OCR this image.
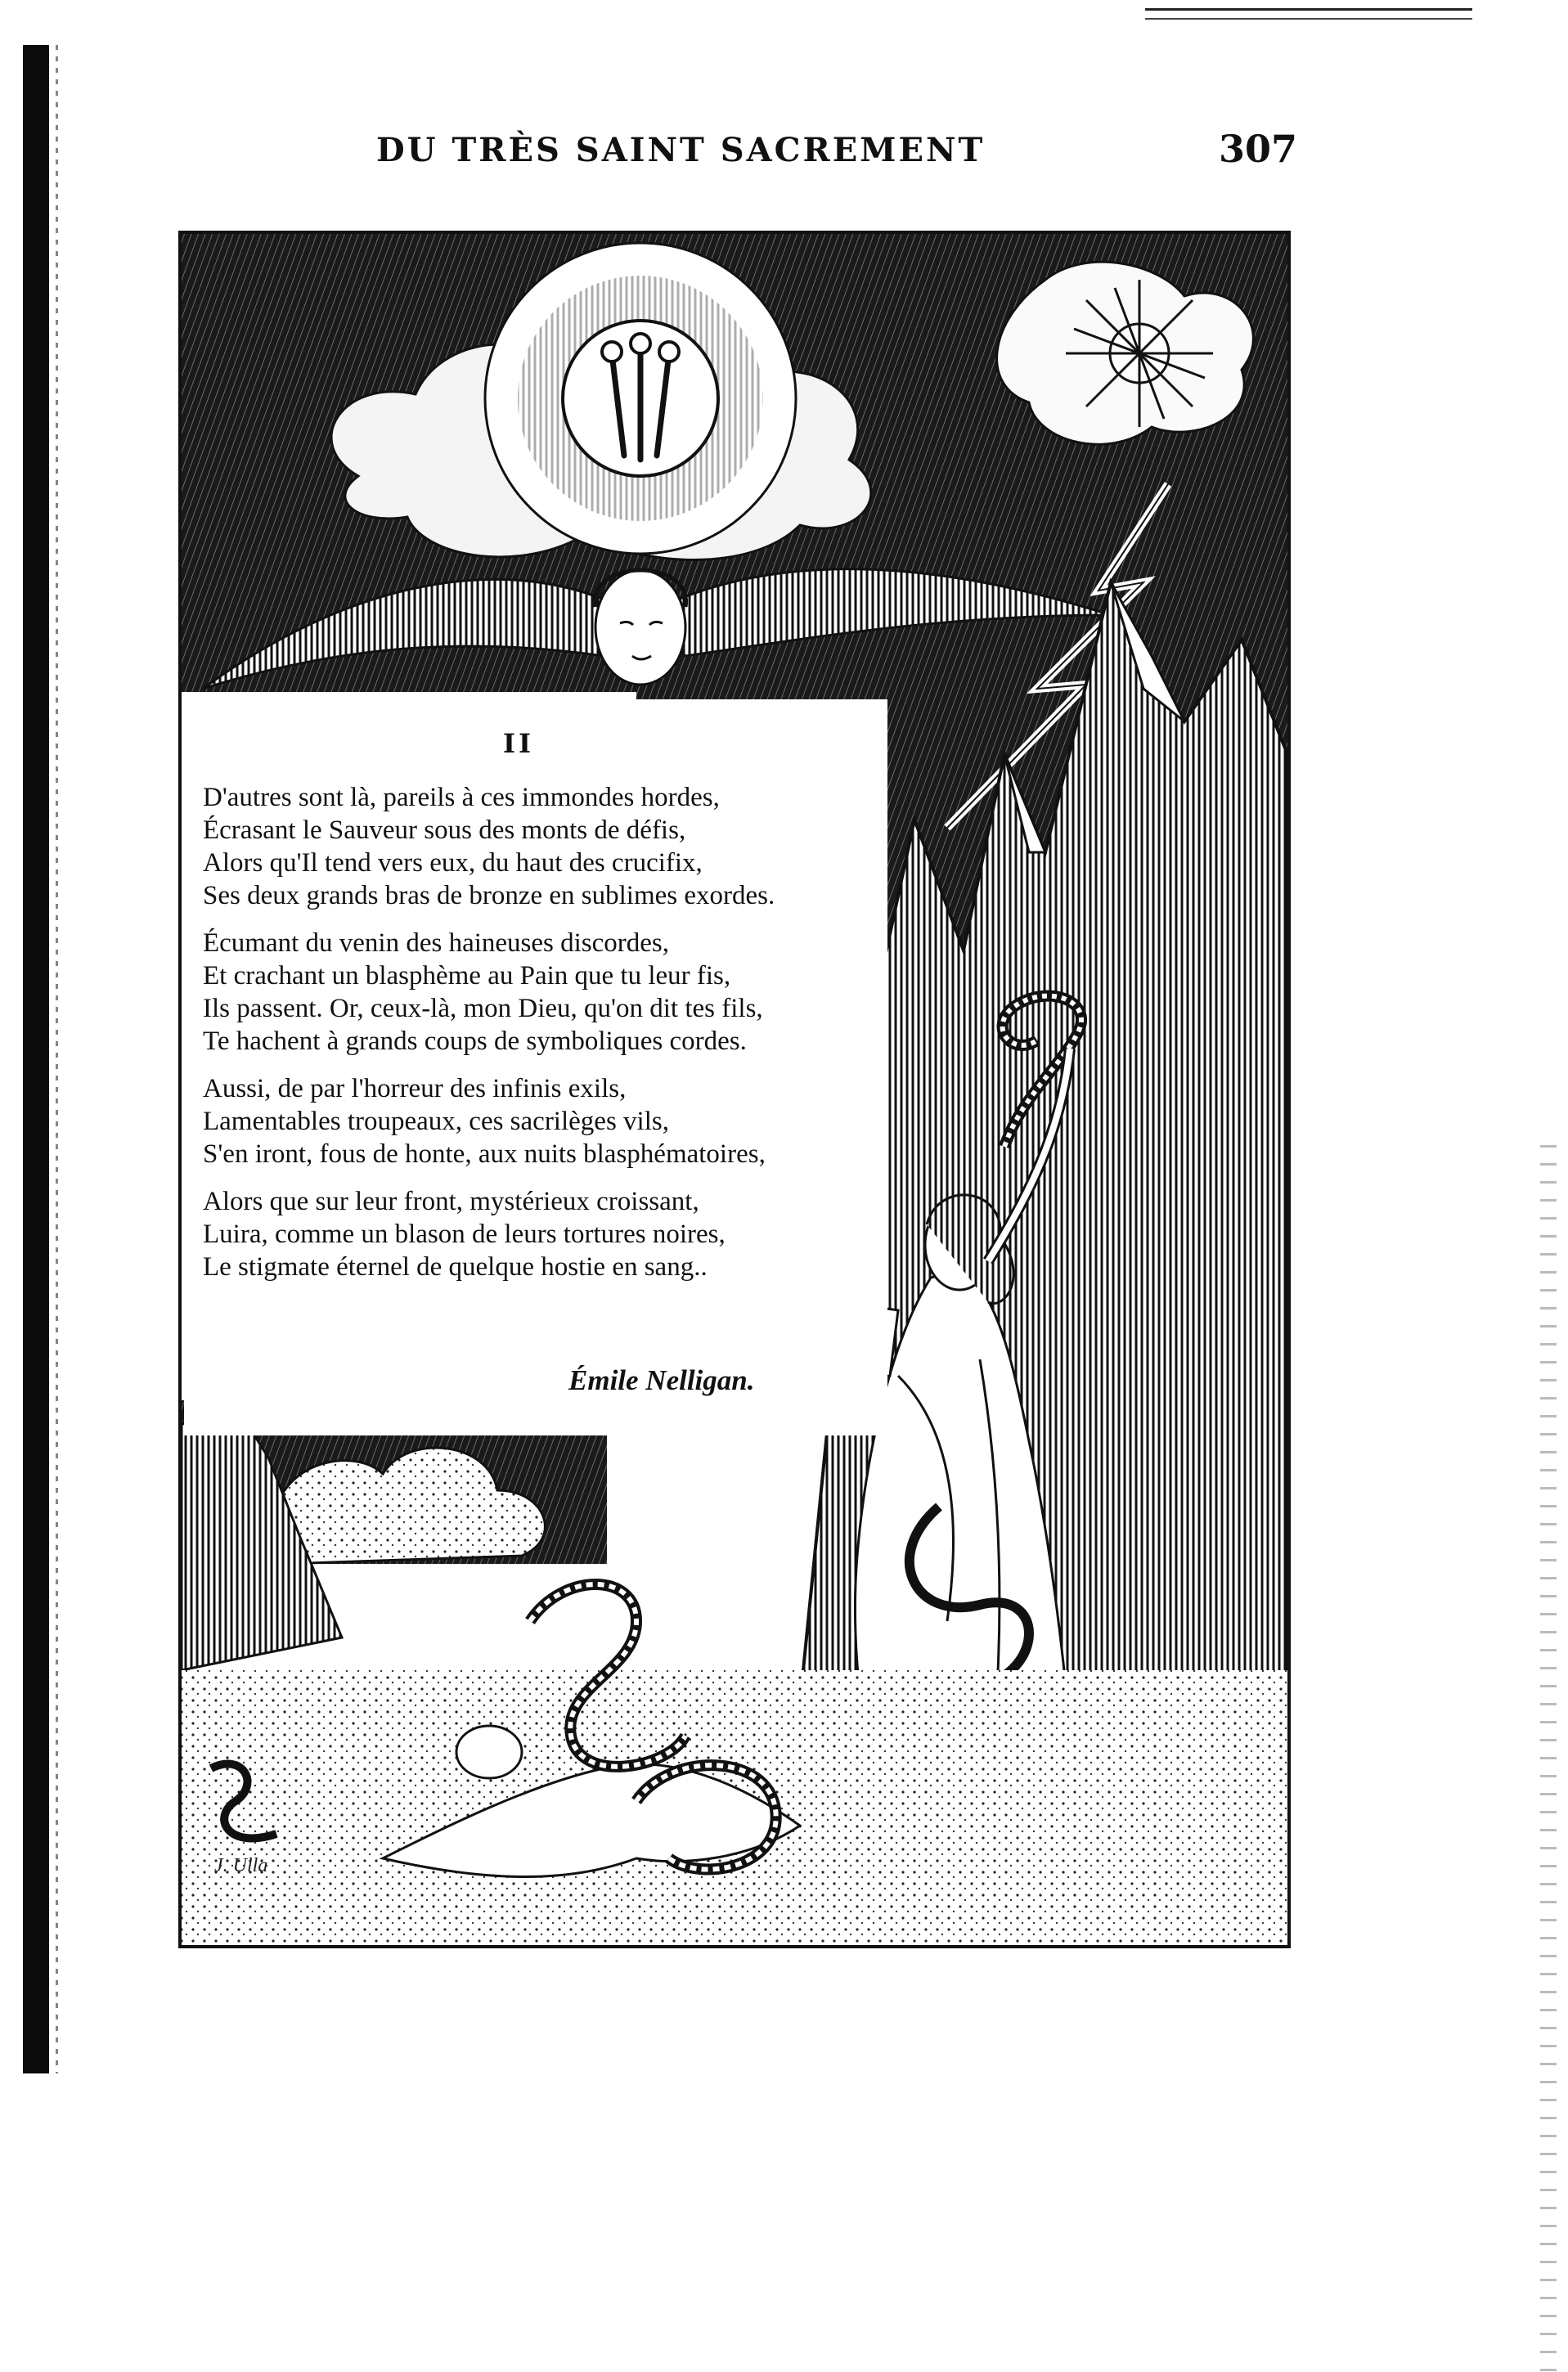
DU TRÈS SAINT SACREMENT	307
II
D'autres sont là, pareils à ces immondes hordes,
Écrasant le Sauveur sous des monts de défis,
Alors qu'Il tend vers eux, du haut des crucifix,
Ses deux grands bras de bronze en sublimes exordes.
Écumant du venin des haineuses discordes,
Et crachant un blasphème au Pain que tu leur fis,
Ils passent. Or, ceux-là, mon Dieu, qu'on dit tes fils,
Te hachent à grands coups de symboliques cordes.
Aussi, de par l'horreur des infinis exils,
Lamentables troupeaux, ces sacrilèges vils,
S'en iront, fous de honte, aux nuits blasphématoires,
Alors que sur leur front, mystérieux croissant,
Luira, comme un blason de leurs tortures noires,
Le stigmate éternel de quelque hostie en sang..
Émile Nelligan.
J. Ulla
